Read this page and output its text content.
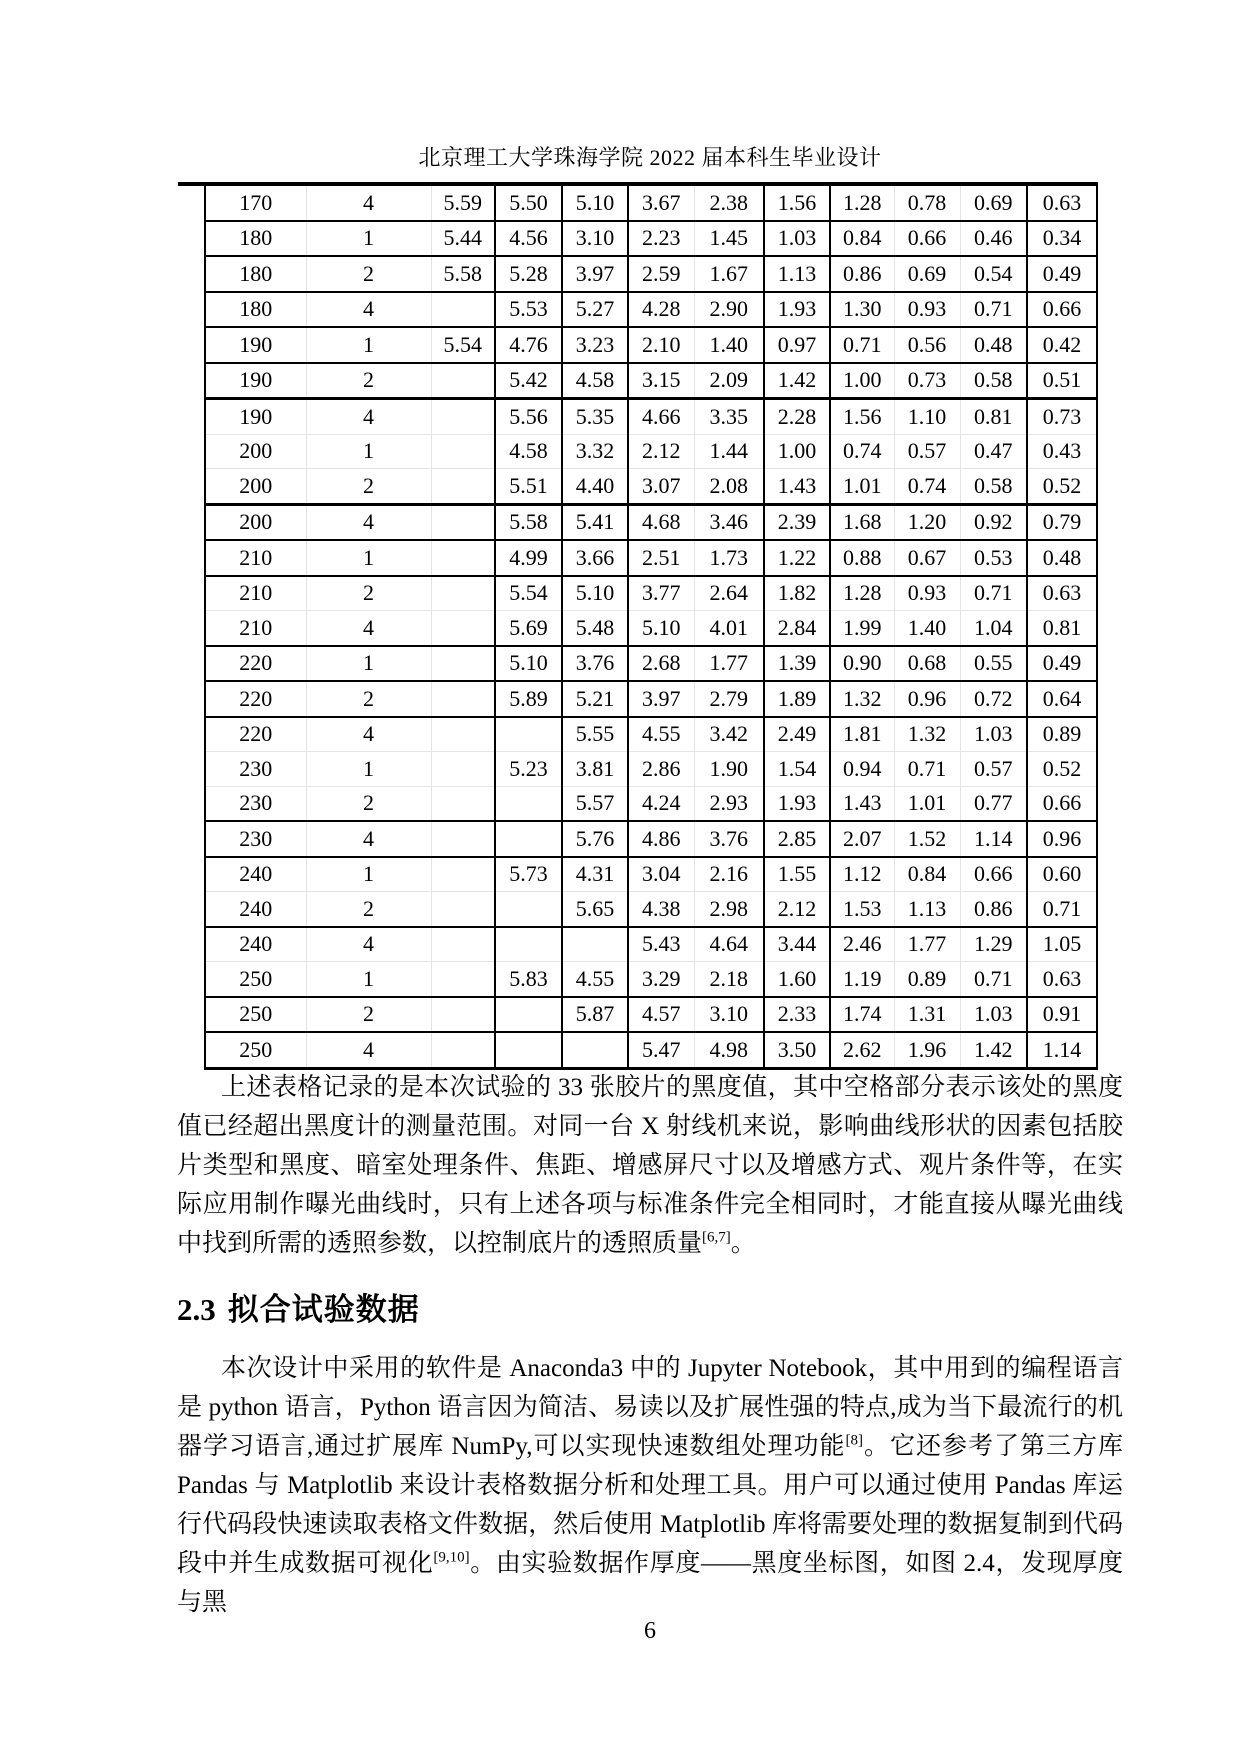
北京理工大学珠海学院 2022 届本科生毕业设计
170	4	5.59	5.50	5.10	3.67	2.38	1.56	1.28	0.78	0.69	0.63
180	1	5.44	4.56	3.10	2.23	1.45	1.03	0.84	0.66	0.46	0.34
180	2	5.58	5.28	3.97	2.59	1.67	1.13	0.86	0.69	0.54	0.49
180	4		5.53	5.27	4.28	2.90	1.93	1.30	0.93	0.71	0.66
190	1	5.54	4.76	3.23	2.10	1.40	0.97	0.71	0.56	0.48	0.42
190	2		5.42	4.58	3.15	2.09	1.42	1.00	0.73	0.58	0.51
190	4		5.56	5.35	4.66	3.35	2.28	1.56	1.10	0.81	0.73
200	1		4.58	3.32	2.12	1.44	1.00	0.74	0.57	0.47	0.43
200	2		5.51	4.40	3.07	2.08	1.43	1.01	0.74	0.58	0.52
200	4		5.58	5.41	4.68	3.46	2.39	1.68	1.20	0.92	0.79
210	1		4.99	3.66	2.51	1.73	1.22	0.88	0.67	0.53	0.48
210	2		5.54	5.10	3.77	2.64	1.82	1.28	0.93	0.71	0.63
210	4		5.69	5.48	5.10	4.01	2.84	1.99	1.40	1.04	0.81
220	1		5.10	3.76	2.68	1.77	1.39	0.90	0.68	0.55	0.49
220	2		5.89	5.21	3.97	2.79	1.89	1.32	0.96	0.72	0.64
220	4			5.55	4.55	3.42	2.49	1.81	1.32	1.03	0.89
230	1		5.23	3.81	2.86	1.90	1.54	0.94	0.71	0.57	0.52
230	2			5.57	4.24	2.93	1.93	1.43	1.01	0.77	0.66
230	4			5.76	4.86	3.76	2.85	2.07	1.52	1.14	0.96
240	1		5.73	4.31	3.04	2.16	1.55	1.12	0.84	0.66	0.60
240	2			5.65	4.38	2.98	2.12	1.53	1.13	0.86	0.71
240	4				5.43	4.64	3.44	2.46	1.77	1.29	1.05
250	1		5.83	4.55	3.29	2.18	1.60	1.19	0.89	0.71	0.63
250	2			5.87	4.57	3.10	2.33	1.74	1.31	1.03	0.91
250	4				5.47	4.98	3.50	2.62	1.96	1.42	1.14

上述表格记录的是本次试验的 33 张胶片的黑度值，其中空格部分表示该处的黑度值已经超出黑度计的测量范围。对同一台 X 射线机来说，影响曲线形状的因素包括胶片类型和黑度、暗室处理条件、焦距、增感屏尺寸以及增感方式、观片条件等，在实际应用制作曝光曲线时，只有上述各项与标准条件完全相同时，才能直接从曝光曲线中找到所需的透照参数，以控制底片的透照质量[6,7]。

2.3 拟合试验数据

本次设计中采用的软件是 Anaconda3 中的 Jupyter Notebook，其中用到的编程语言是 python 语言，Python 语言因为简洁、易读以及扩展性强的特点,成为当下最流行的机器学习语言,通过扩展库 NumPy,可以实现快速数组处理功能[8]。它还参考了第三方库 Pandas 与 Matplotlib 来设计表格数据分析和处理工具。用户可以通过使用 Pandas 库运行代码段快速读取表格文件数据，然后使用 Matplotlib 库将需要处理的数据复制到代码段中并生成数据可视化[9,10]。由实验数据作厚度——黑度坐标图，如图 2.4，发现厚度与黑

6
